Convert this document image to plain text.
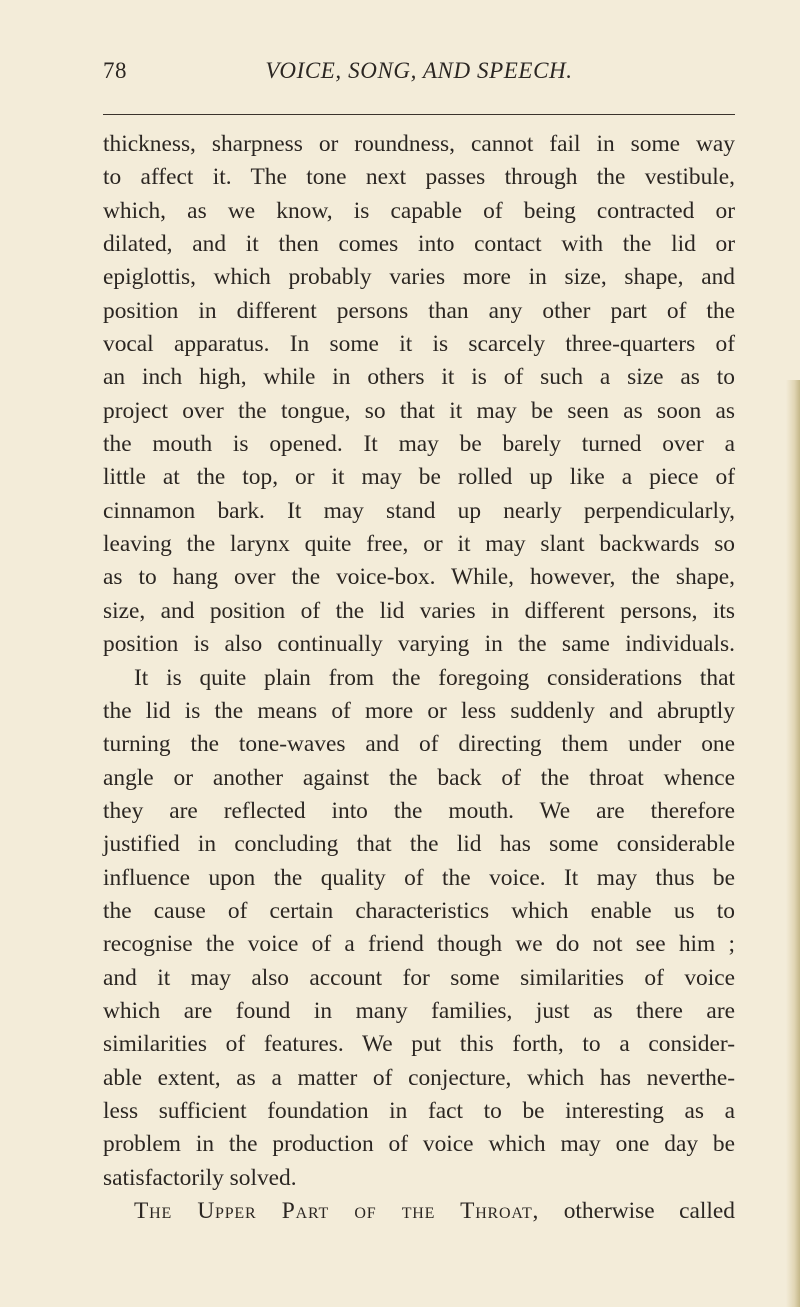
78	VOICE, SONG, AND SPEECH.
thickness, sharpness or roundness, cannot fail in some way
to affect it. The tone next passes through the vestibule,
which, as we know, is capable of being contracted or
dilated, and it then comes into contact with the lid or
epiglottis, which probably varies more in size, shape, and
position in different persons than any other part of the
vocal apparatus. In some it is scarcely three-quarters of
an inch high, while in others it is of such a size as to
project over the tongue, so that it may be seen as soon as
the mouth is opened. It may be barely turned over a
little at the top, or it may be rolled up like a piece of
cinnamon bark. It may stand up nearly perpendicularly,
leaving the larynx quite free, or it may slant backwards so
as to hang over the voice-box. While, however, the shape,
size, and position of the lid varies in different persons, its
position is also continually varying in the same individuals.
It is quite plain from the foregoing considerations that
the lid is the means of more or less suddenly and abruptly
turning the tone-waves and of directing them under one
angle or another against the back of the throat whence
they are reflected into the mouth. We are therefore
justified in concluding that the lid has some considerable
influence upon the quality of the voice. It may thus be
the cause of certain characteristics which enable us to
recognise the voice of a friend though we do not see him ;
and it may also account for some similarities of voice
which are found in many families, just as there are
similarities of features. We put this forth, to a consider-
able extent, as a matter of conjecture, which has neverthe-
less sufficient foundation in fact to be interesting as a
problem in the production of voice which may one day be
satisfactorily solved.
The Upper Part of the Throat, otherwise called
